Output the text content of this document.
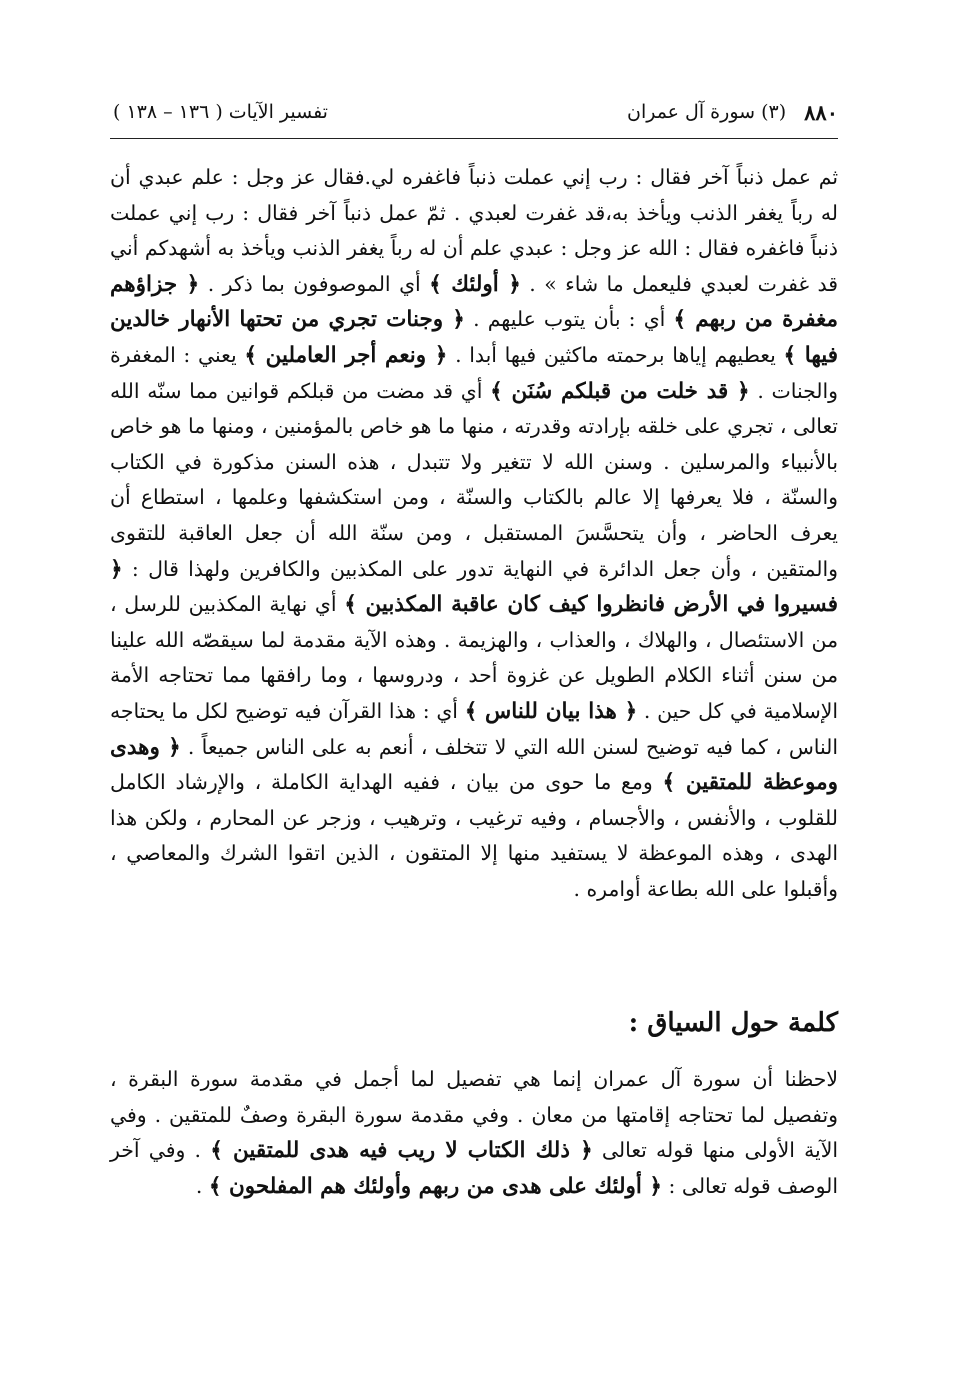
٨٨٠
(٣) سورة آل عمران
تفسير الآيات ( ١٣٦ – ١٣٨ )

ثم عمل ذنباً آخر فقال : رب إني عملت ذنباً فاغفره لي.فقال عز وجل : علم عبدي أن له رباً يغفر الذنب ويأخذ به،قد غفرت لعبدي . ثمّ عمل ذنباً آخر فقال : رب إني عملت ذنباً فاغفره فقال : الله عز وجل : عبدي علم أن له رباً يغفر الذنب ويأخذ به أشهدكم أني قد غفرت لعبدي فليعمل ما شاء » . ﴿ أولئك ﴾ أي الموصوفون بما ذكر . ﴿ جزاؤهم مغفرة من ربهم ﴾ أي : بأن يتوب عليهم . ﴿ وجنات تجري من تحتها الأنهار خالدين فيها ﴾ يعطيهم إياها برحمته ماكثين فيها أبدا . ﴿ ونعم أجر العاملين ﴾ يعني : المغفرة والجنات . ﴿ قد خلت من قبلكم سُنَن ﴾ أي قد مضت من قبلكم قوانين مما سنّه الله تعالى ، تجري على خلقه بإرادته وقدرته ، منها ما هو خاص بالمؤمنين ، ومنها ما هو خاص بالأنبياء والمرسلين . وسنن الله لا تتغير ولا تتبدل ، هذه السنن مذكورة في الكتاب والسنّة ، فلا يعرفها إلا عالم بالكتاب والسنّة ، ومن استكشفها وعلمها ، استطاع أن يعرف الحاضر ، وأن يتحسَّسَ المستقبل ، ومن سنّة الله أن جعل العاقبة للتقوى والمتقين ، وأن جعل الدائرة في النهاية تدور على المكذبين والكافرين ولهذا قال : ﴿ فسيروا في الأرض فانظروا كيف كان عاقبة المكذبين ﴾ أي نهاية المكذبين للرسل ، من الاستئصال ، والهلاك ، والعذاب ، والهزيمة . وهذه الآية مقدمة لما سيقصّه الله علينا من سنن أثناء الكلام الطويل عن غزوة أحد ، ودروسها ، وما رافقها مما تحتاجه الأمة الإسلامية في كل حين . ﴿ هذا بيان للناس ﴾ أي : هذا القرآن فيه توضيح لكل ما يحتاجه الناس ، كما فيه توضيح لسنن الله التي لا تتخلف ، أنعم به على الناس جميعاً . ﴿ وهدى وموعظة للمتقين ﴾ ومع ما حوى من بيان ، ففيه الهداية الكاملة ، والإرشاد الكامل للقلوب ، والأنفس ، والأجسام ، وفيه ترغيب ، وترهيب ، وزجر عن المحارم ، ولكن هذا الهدى ، وهذه الموعظة لا يستفيد منها إلا المتقون ، الذين اتقوا الشرك والمعاصي ، وأقبلوا على الله بطاعة أوامره .

كلمة حول السياق :

لاحظنا أن سورة آل عمران إنما هي تفصيل لما أجمل في مقدمة سورة البقرة ، وتفصيل لما تحتاجه إقامتها من معان . وفي مقدمة سورة البقرة وصفٌ للمتقين . وفي الآية الأولى منها قوله تعالى ﴿ ذلك الكتاب لا ريب فيه هدى للمتقين ﴾ . وفي آخر الوصف قوله تعالى : ﴿ أولئك على هدى من ربهم وأولئك هم المفلحون ﴾ .
